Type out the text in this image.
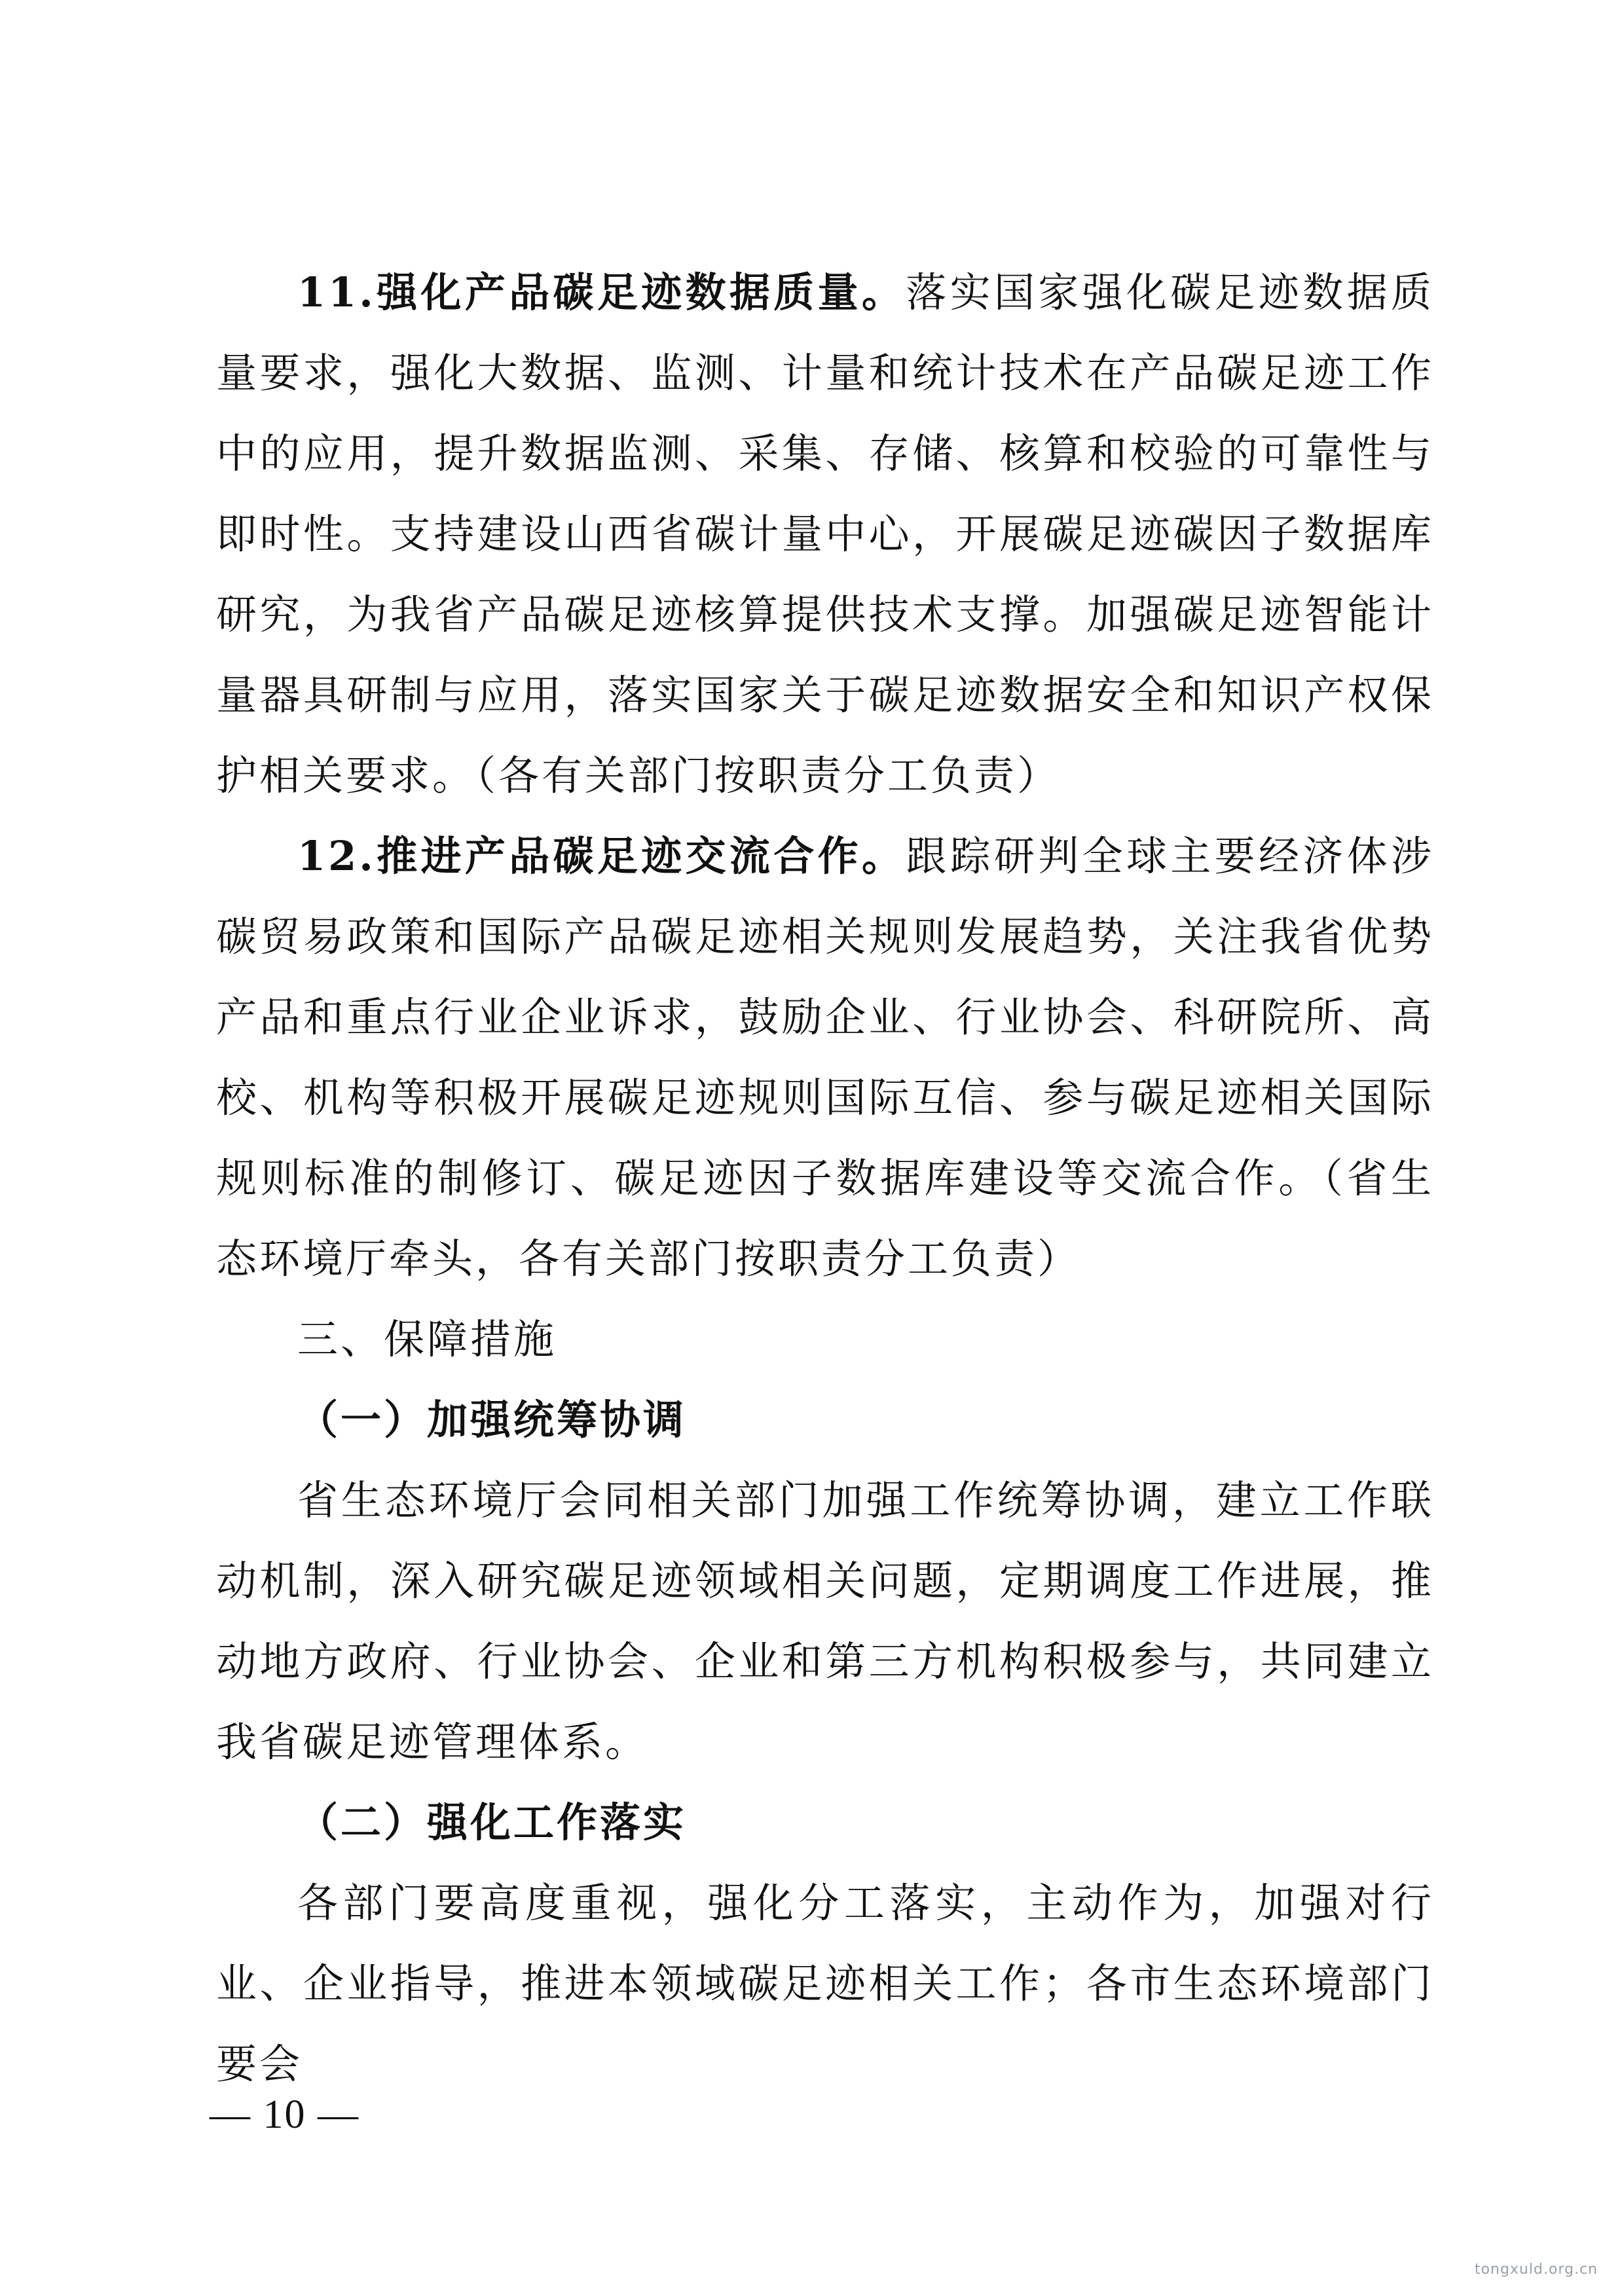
11.强化产品碳足迹数据质量。落实国家强化碳足迹数据质量要求，强化大数据、监测、计量和统计技术在产品碳足迹工作中的应用，提升数据监测、采集、存储、核算和校验的可靠性与即时性。支持建设山西省碳计量中心，开展碳足迹碳因子数据库研究，为我省产品碳足迹核算提供技术支撑。加强碳足迹智能计量器具研制与应用，落实国家关于碳足迹数据安全和知识产权保护相关要求。（各有关部门按职责分工负责）

12.推进产品碳足迹交流合作。跟踪研判全球主要经济体涉碳贸易政策和国际产品碳足迹相关规则发展趋势，关注我省优势产品和重点行业企业诉求，鼓励企业、行业协会、科研院所、高校、机构等积极开展碳足迹规则国际互信、参与碳足迹相关国际规则标准的制修订、碳足迹因子数据库建设等交流合作。（省生态环境厅牵头，各有关部门按职责分工负责）

三、保障措施

（一）加强统筹协调

省生态环境厅会同相关部门加强工作统筹协调，建立工作联动机制，深入研究碳足迹领域相关问题，定期调度工作进展，推动地方政府、行业协会、企业和第三方机构积极参与，共同建立我省碳足迹管理体系。

（二）强化工作落实

各部门要高度重视，强化分工落实，主动作为，加强对行业、企业指导，推进本领域碳足迹相关工作；各市生态环境部门要会

— 10 —
tongxuld.org.cn
